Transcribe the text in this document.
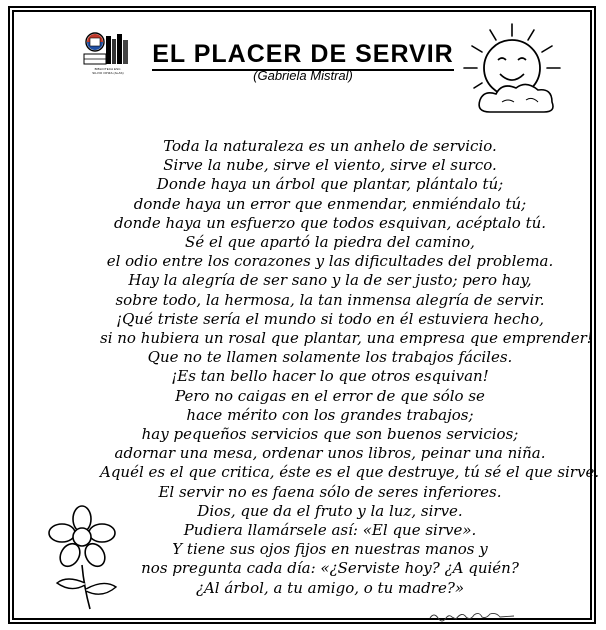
BIBLIOTECA ESC.
SILVIO OPIZA (ALAS)
EL PLACER DE SERVIR
(Gabriela Mistral)
Toda la naturaleza es un anhelo de servicio.
Sirve la nube, sirve el viento, sirve el surco.
Donde haya un árbol que plantar, plántalo tú;
donde haya un error que enmendar, enmiéndalo tú;
donde haya un esfuerzo que todos esquivan, acéptalo tú.
Sé el que apartó la piedra del camino,
el odio entre los corazones y las dificultades del problema.
Hay la alegría de ser sano y la de ser justo; pero hay,
sobre todo, la hermosa, la tan inmensa alegría de servir.
¡Qué triste sería el mundo si todo en él estuviera hecho,
si no hubiera un rosal que plantar, una empresa que emprender!
Que no te llamen solamente los trabajos fáciles.
¡Es tan bello hacer lo que otros esquivan!
Pero no caigas en el error de que sólo se
hace mérito con los grandes trabajos;
hay pequeños servicios que son buenos servicios;
adornar una mesa, ordenar unos libros, peinar una niña.
Aquél es el que critica, éste es el que destruye, tú sé el que sirve.
El servir no es faena sólo de seres inferiores.
Dios, que da el fruto y la luz, sirve.
Pudiera llamársele así: «El que sirve».
Y tiene sus ojos fijos en nuestras manos y
nos pregunta cada día: «¿Serviste hoy? ¿A quién?
¿Al árbol, a tu amigo, o tu madre?»
